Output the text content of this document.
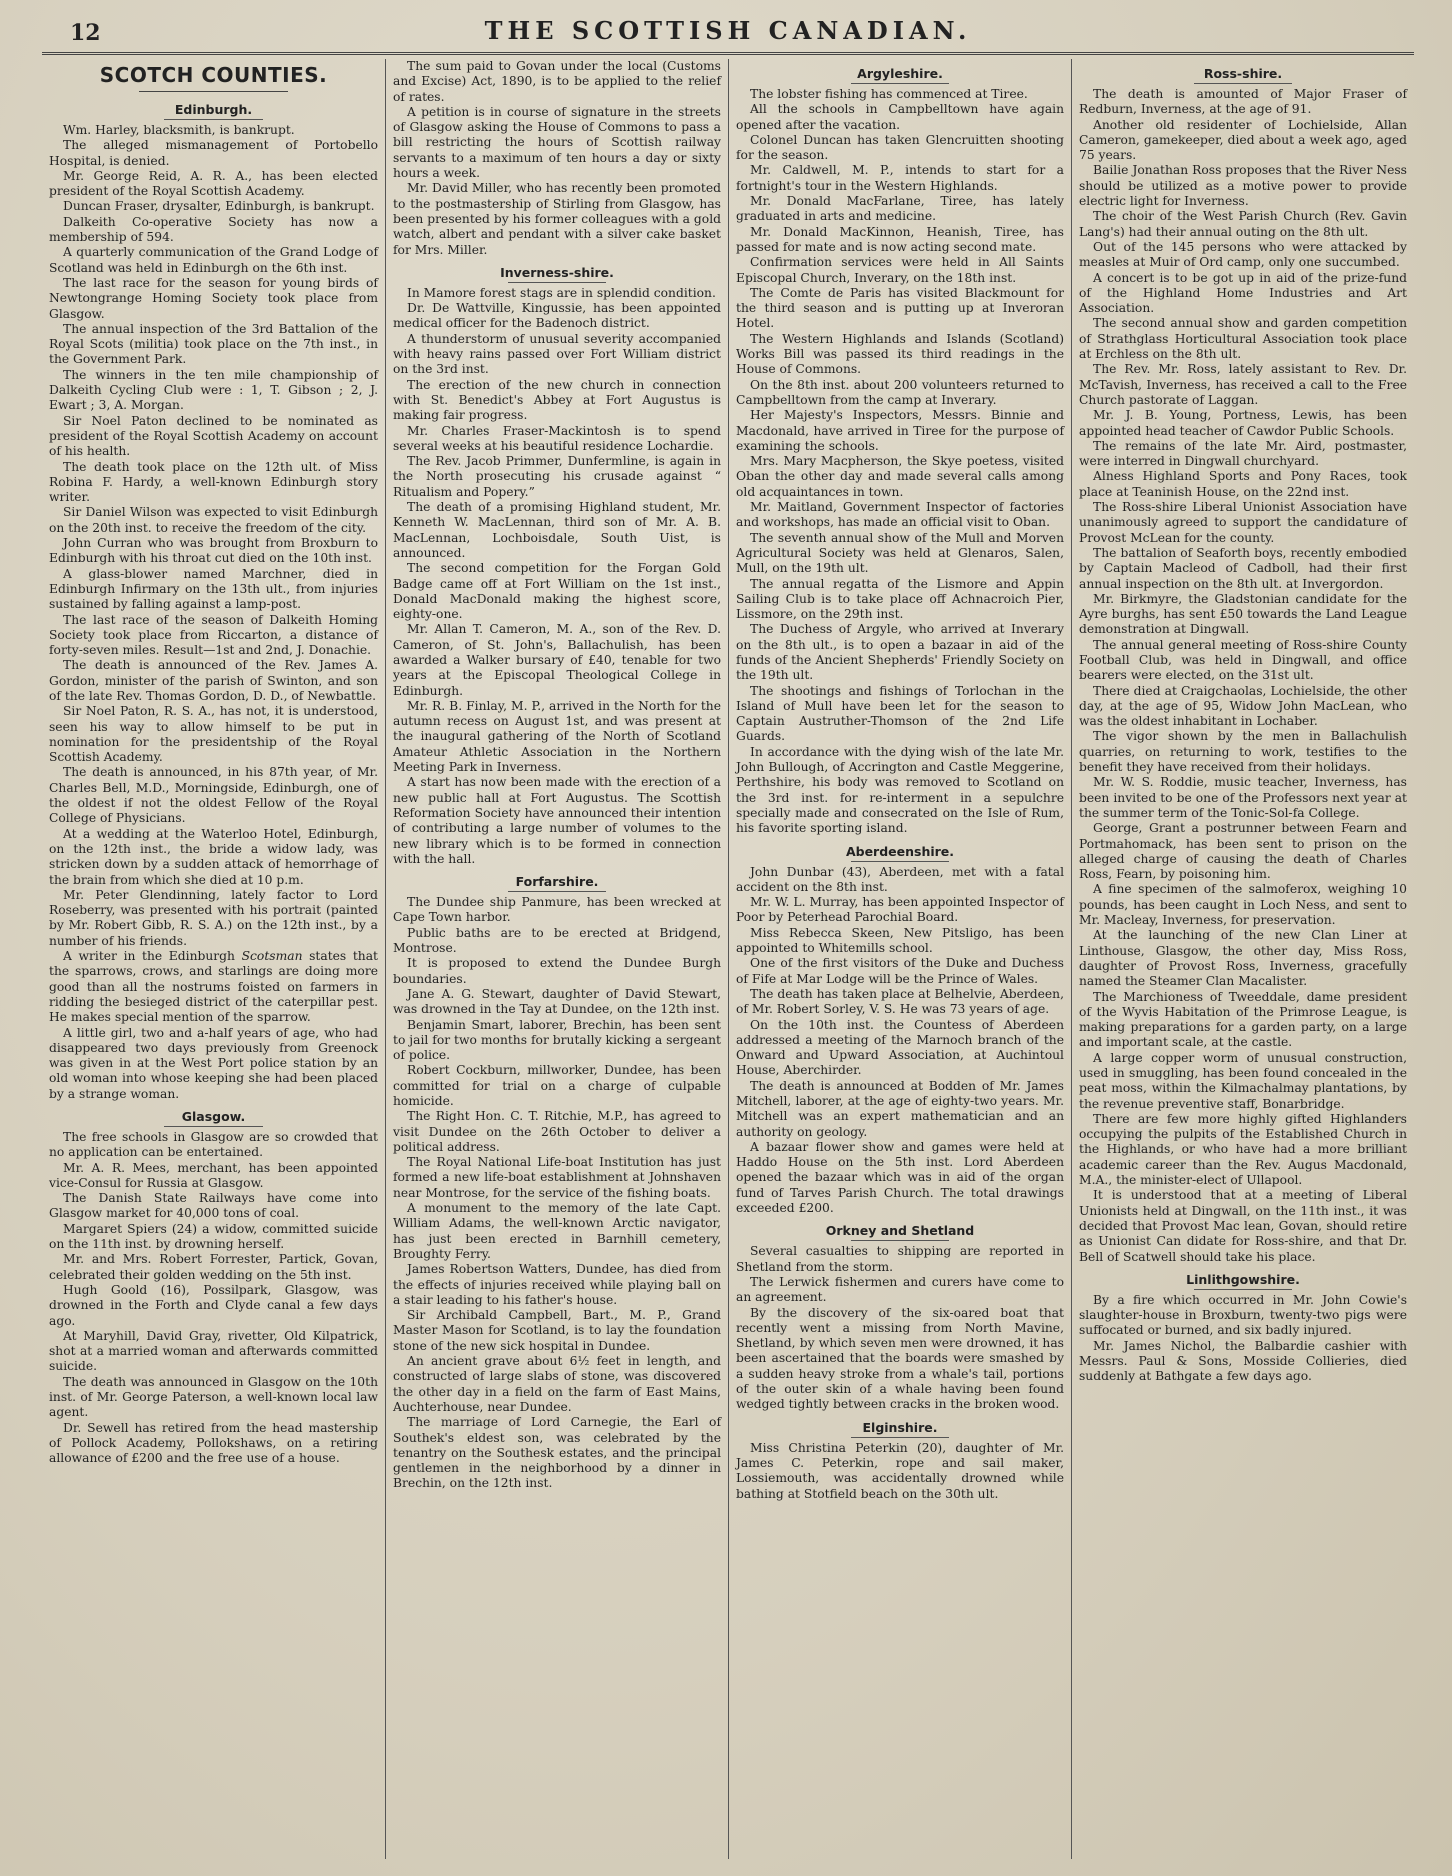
12	THE SCOTTISH CANADIAN.
SCOTCH COUNTIES.
Edinburgh.

Wm. Harley, blacksmith, is bankrupt.

The alleged mismanagement of Portobello Hospital, is denied.

Mr. George Reid, A. R. A., has been elected president of the Royal Scottish Academy.

Duncan Fraser, drysalter, Edinburgh, is bankrupt.

Dalkeith Co-operative Society has now a membership of 594.

A quarterly communication of the Grand Lodge of Scotland was held in Edinburgh on the 6th inst.

The last race for the season for young birds of Newtongrange Homing Society took place from Glasgow.

The annual inspection of the 3rd Battalion of the Royal Scots (militia) took place on the 7th inst., in the Government Park.

The winners in the ten mile championship of Dalkeith Cycling Club were : 1, T. Gibson ; 2, J. Ewart ; 3, A. Morgan.

Sir Noel Paton declined to be nominated as president of the Royal Scottish Academy on account of his health.

The death took place on the 12th ult. of Miss Robina F. Hardy, a well-known Edinburgh story writer.

Sir Daniel Wilson was expected to visit Edinburgh on the 20th inst. to receive the freedom of the city.

John Curran who was brought from Broxburn to Edinburgh with his throat cut died on the 10th inst.

A glass-blower named Marchner, died in Edinburgh Infirmary on the 13th ult., from injuries sustained by falling against a lamp-post.

The last race of the season of Dalkeith Homing Society took place from Riccarton, a distance of forty-seven miles. Result—1st and 2nd, J. Donachie.

The death is announced of the Rev. James A. Gordon, minister of the parish of Swinton, and son of the late Rev. Thomas Gordon, D. D., of Newbattle.

Sir Noel Paton, R. S. A., has not, it is understood, seen his way to allow himself to be put in nomination for the presidentship of the Royal Scottish Academy.

The death is announced, in his 87th year, of Mr. Charles Bell, M.D., Morningside, Edinburgh, one of the oldest if not the oldest Fellow of the Royal College of Physicians.

At a wedding at the Waterloo Hotel, Edinburgh, on the 12th inst., the bride a widow lady, was stricken down by a sudden attack of hemorrhage of the brain from which she died at 10 p.m.

Mr. Peter Glendinning, lately factor to Lord Roseberry, was presented with his portrait (painted by Mr. Robert Gibb, R. S. A.) on the 12th inst., by a number of his friends.

A writer in the Edinburgh Scotsman states that the sparrows, crows, and starlings are doing more good than all the nostrums foisted on farmers in ridding the besieged district of the caterpillar pest. He makes special mention of the sparrow.

A little girl, two and a-half years of age, who had disappeared two days previously from Greenock was given in at the West Port police station by an old woman into whose keeping she had been placed by a strange woman.

Glasgow.

The free schools in Glasgow are so crowded that no application can be entertained.

Mr. A. R. Mees, merchant, has been appointed vice-Consul for Russia at Glasgow.

The Danish State Railways have come into Glasgow market for 40,000 tons of coal.

Margaret Spiers (24) a widow, committed suicide on the 11th inst. by drowning herself.

Mr. and Mrs. Robert Forrester, Partick, Govan, celebrated their golden wedding on the 5th inst.

Hugh Goold (16), Possilpark, Glasgow, was drowned in the Forth and Clyde canal a few days ago.

At Maryhill, David Gray, rivetter, Old Kilpatrick, shot at a married woman and afterwards committed suicide.

The death was announced in Glasgow on the 10th inst. of Mr. George Paterson, a well-known local law agent.

Dr. Sewell has retired from the head mastership of Pollock Academy, Pollokshaws, on a retiring allowance of £200 and the free use of a house.

The sum paid to Govan under the local (Customs and Excise) Act, 1890, is to be applied to the relief of rates.

A petition is in course of signature in the streets of Glasgow asking the House of Commons to pass a bill restricting the hours of Scottish railway servants to a maximum of ten hours a day or sixty hours a week.

Mr. David Miller, who has recently been promoted to the postmastership of Stirling from Glasgow, has been presented by his former colleagues with a gold watch, albert and pendant with a silver cake basket for Mrs. Miller.

Inverness-shire.

In Mamore forest stags are in splendid condition.

Dr. De Wattville, Kingussie, has been appointed medical officer for the Badenoch district.

A thunderstorm of unusual severity accompanied with heavy rains passed over Fort William district on the 3rd inst.

The erection of the new church in connection with St. Benedict's Abbey at Fort Augustus is making fair progress.

Mr. Charles Fraser-Mackintosh is to spend several weeks at his beautiful residence Lochardie.

The Rev. Jacob Primmer, Dunfermline, is again in the North prosecuting his crusade against “ Ritualism and Popery.”

The death of a promising Highland student, Mr. Kenneth W. MacLennan, third son of Mr. A. B. MacLennan, Lochboisdale, South Uist, is announced.

The second competition for the Forgan Gold Badge came off at Fort William on the 1st inst., Donald MacDonald making the highest score, eighty-one.

Mr. Allan T. Cameron, M. A., son of the Rev. D. Cameron, of St. John's, Ballachulish, has been awarded a Walker bursary of £40, tenable for two years at the Episcopal Theological College in Edinburgh.

Mr. R. B. Finlay, M. P., arrived in the North for the autumn recess on August 1st, and was present at the inaugural gathering of the North of Scotland Amateur Athletic Association in the Northern Meeting Park in Inverness.

A start has now been made with the erection of a new public hall at Fort Augustus. The Scottish Reformation Society have announced their intention of contributing a large number of volumes to the new library which is to be formed in connection with the hall.

Forfarshire.

The Dundee ship Panmure, has been wrecked at Cape Town harbor.

Public baths are to be erected at Bridgend, Montrose.

It is proposed to extend the Dundee Burgh boundaries.

Jane A. G. Stewart, daughter of David Stewart, was drowned in the Tay at Dundee, on the 12th inst.

Benjamin Smart, laborer, Brechin, has been sent to jail for two months for brutally kicking a sergeant of police.

Robert Cockburn, millworker, Dundee, has been committed for trial on a charge of culpable homicide.

The Right Hon. C. T. Ritchie, M.P., has agreed to visit Dundee on the 26th October to deliver a political address.

The Royal National Life-boat Institution has just formed a new life-boat establishment at Johnshaven near Montrose, for the service of the fishing boats.

A monument to the memory of the late Capt. William Adams, the well-known Arctic navigator, has just been erected in Barnhill cemetery, Broughty Ferry.

James Robertson Watters, Dundee, has died from the effects of injuries received while playing ball on a stair leading to his father's house.

Sir Archibald Campbell, Bart., M. P., Grand Master Mason for Scotland, is to lay the foundation stone of the new sick hospital in Dundee.

An ancient grave about 6½ feet in length, and constructed of large slabs of stone, was discovered the other day in a field on the farm of East Mains, Auchterhouse, near Dundee.

The marriage of Lord Carnegie, the Earl of Southek's eldest son, was celebrated by the tenantry on the Southesk estates, and the principal gentlemen in the neighborhood by a dinner in Brechin, on the 12th inst.

Argyleshire.

The lobster fishing has commenced at Tiree.

All the schools in Campbelltown have again opened after the vacation.

Colonel Duncan has taken Glencruitten shooting for the season.

Mr. Caldwell, M. P., intends to start for a fortnight's tour in the Western Highlands.

Mr. Donald MacFarlane, Tiree, has lately graduated in arts and medicine.

Mr. Donald MacKinnon, Heanish, Tiree, has passed for mate and is now acting second mate.

Confirmation services were held in All Saints Episcopal Church, Inverary, on the 18th inst.

The Comte de Paris has visited Blackmount for the third season and is putting up at Inveroran Hotel.

The Western Highlands and Islands (Scotland) Works Bill was passed its third readings in the House of Commons.

On the 8th inst. about 200 volunteers returned to Campbelltown from the camp at Inverary.

Her Majesty's Inspectors, Messrs. Binnie and Macdonald, have arrived in Tiree for the purpose of examining the schools.

Mrs. Mary Macpherson, the Skye poetess, visited Oban the other day and made several calls among old acquaintances in town.

Mr. Maitland, Government Inspector of factories and workshops, has made an official visit to Oban.

The seventh annual show of the Mull and Morven Agricultural Society was held at Glenaros, Salen, Mull, on the 19th ult.

The annual regatta of the Lismore and Appin Sailing Club is to take place off Achnacroich Pier, Lissmore, on the 29th inst.

The Duchess of Argyle, who arrived at Inverary on the 8th ult., is to open a bazaar in aid of the funds of the Ancient Shepherds' Friendly Society on the 19th ult.

The shootings and fishings of Torlochan in the Island of Mull have been let for the season to Captain Austruther-Thomson of the 2nd Life Guards.

In accordance with the dying wish of the late Mr. John Bullough, of Accrington and Castle Meggerine, Perthshire, his body was removed to Scotland on the 3rd inst. for re-interment in a sepulchre specially made and consecrated on the Isle of Rum, his favorite sporting island.

Aberdeenshire.

John Dunbar (43), Aberdeen, met with a fatal accident on the 8th inst.

Mr. W. L. Murray, has been appointed Inspector of Poor by Peterhead Parochial Board.

Miss Rebecca Skeen, New Pitsligo, has been appointed to Whitemills school.

One of the first visitors of the Duke and Duchess of Fife at Mar Lodge will be the Prince of Wales.

The death has taken place at Belhelvie, Aberdeen, of Mr. Robert Sorley, V. S. He was 73 years of age.

On the 10th inst. the Countess of Aberdeen addressed a meeting of the Marnoch branch of the Onward and Upward Association, at Auchintoul House, Aberchirder.

The death is announced at Bodden of Mr. James Mitchell, laborer, at the age of eighty-two years. Mr. Mitchell was an expert mathematician and an authority on geology.

A bazaar flower show and games were held at Haddo House on the 5th inst. Lord Aberdeen opened the bazaar which was in aid of the organ fund of Tarves Parish Church. The total drawings exceeded £200.

Orkney and Shetland

Several casualties to shipping are reported in Shetland from the storm.

The Lerwick fishermen and curers have come to an agreement.

By the discovery of the six-oared boat that recently went a missing from North Mavine, Shetland, by which seven men were drowned, it has been ascertained that the boards were smashed by a sudden heavy stroke from a whale's tail, portions of the outer skin of a whale having been found wedged tightly between cracks in the broken wood.

Elginshire.

Miss Christina Peterkin (20), daughter of Mr. James C. Peterkin, rope and sail maker, Lossiemouth, was accidentally drowned while bathing at Stotfield beach on the 30th ult.

Ross-shire.

The death is amounted of Major Fraser of Redburn, Inverness, at the age of 91.

Another old residenter of Lochielside, Allan Cameron, gamekeeper, died about a week ago, aged 75 years.

Bailie Jonathan Ross proposes that the River Ness should be utilized as a motive power to provide electric light for Inverness.

The choir of the West Parish Church (Rev. Gavin Lang's) had their annual outing on the 8th ult.

Out of the 145 persons who were attacked by measles at Muir of Ord camp, only one succumbed.

A concert is to be got up in aid of the prize-fund of the Highland Home Industries and Art Association.

The second annual show and garden competition of Strathglass Horticultural Association took place at Erchless on the 8th ult.

The Rev. Mr. Ross, lately assistant to Rev. Dr. McTavish, Inverness, has received a call to the Free Church pastorate of Laggan.

Mr. J. B. Young, Portness, Lewis, has been appointed head teacher of Cawdor Public Schools.

The remains of the late Mr. Aird, postmaster, were interred in Dingwall churchyard.

Alness Highland Sports and Pony Races, took place at Teaninish House, on the 22nd inst.

The Ross-shire Liberal Unionist Association have unanimously agreed to support the candidature of Provost McLean for the county.

The battalion of Seaforth boys, recently embodied by Captain Macleod of Cadboll, had their first annual inspection on the 8th ult. at Invergordon.

Mr. Birkmyre, the Gladstonian candidate for the Ayre burghs, has sent £50 towards the Land League demonstration at Dingwall.

The annual general meeting of Ross-shire County Football Club, was held in Dingwall, and office bearers were elected, on the 31st ult.

There died at Craigchaolas, Lochielside, the other day, at the age of 95, Widow John MacLean, who was the oldest inhabitant in Lochaber.

The vigor shown by the men in Ballachulish quarries, on returning to work, testifies to the benefit they have received from their holidays.

Mr. W. S. Roddie, music teacher, Inverness, has been invited to be one of the Professors next year at the summer term of the Tonic-Sol-fa College.

George, Grant a postrunner between Fearn and Portmahomack, has been sent to prison on the alleged charge of causing the death of Charles Ross, Fearn, by poisoning him.

A fine specimen of the salmoferox, weighing 10 pounds, has been caught in Loch Ness, and sent to Mr. Macleay, Inverness, for preservation.

At the launching of the new Clan Liner at Linthouse, Glasgow, the other day, Miss Ross, daughter of Provost Ross, Inverness, gracefully named the Steamer Clan Macalister.

The Marchioness of Tweeddale, dame president of the Wyvis Habitation of the Primrose League, is making preparations for a garden party, on a large and important scale, at the castle.

A large copper worm of unusual construction, used in smuggling, has been found concealed in the peat moss, within the Kilmachalmay plantations, by the revenue preventive staff, Bonarbridge.

There are few more highly gifted Highlanders occupying the pulpits of the Established Church in the Highlands, or who have had a more brilliant academic career than the Rev. Augus Macdonald, M.A., the minister-elect of Ullapool.

It is understood that at a meeting of Liberal Unionists held at Dingwall, on the 11th inst., it was decided that Provost Mac lean, Govan, should retire as Unionist Can didate for Ross-shire, and that Dr. Bell of Scatwell should take his place.

Linlithgowshire.

By a fire which occurred in Mr. John Cowie's slaughter-house in Broxburn, twenty-two pigs were suffocated or burned, and six badly injured.

Mr. James Nichol, the Balbardie cashier with Messrs. Paul & Sons, Mosside Collieries, died suddenly at Bathgate a few days ago.
